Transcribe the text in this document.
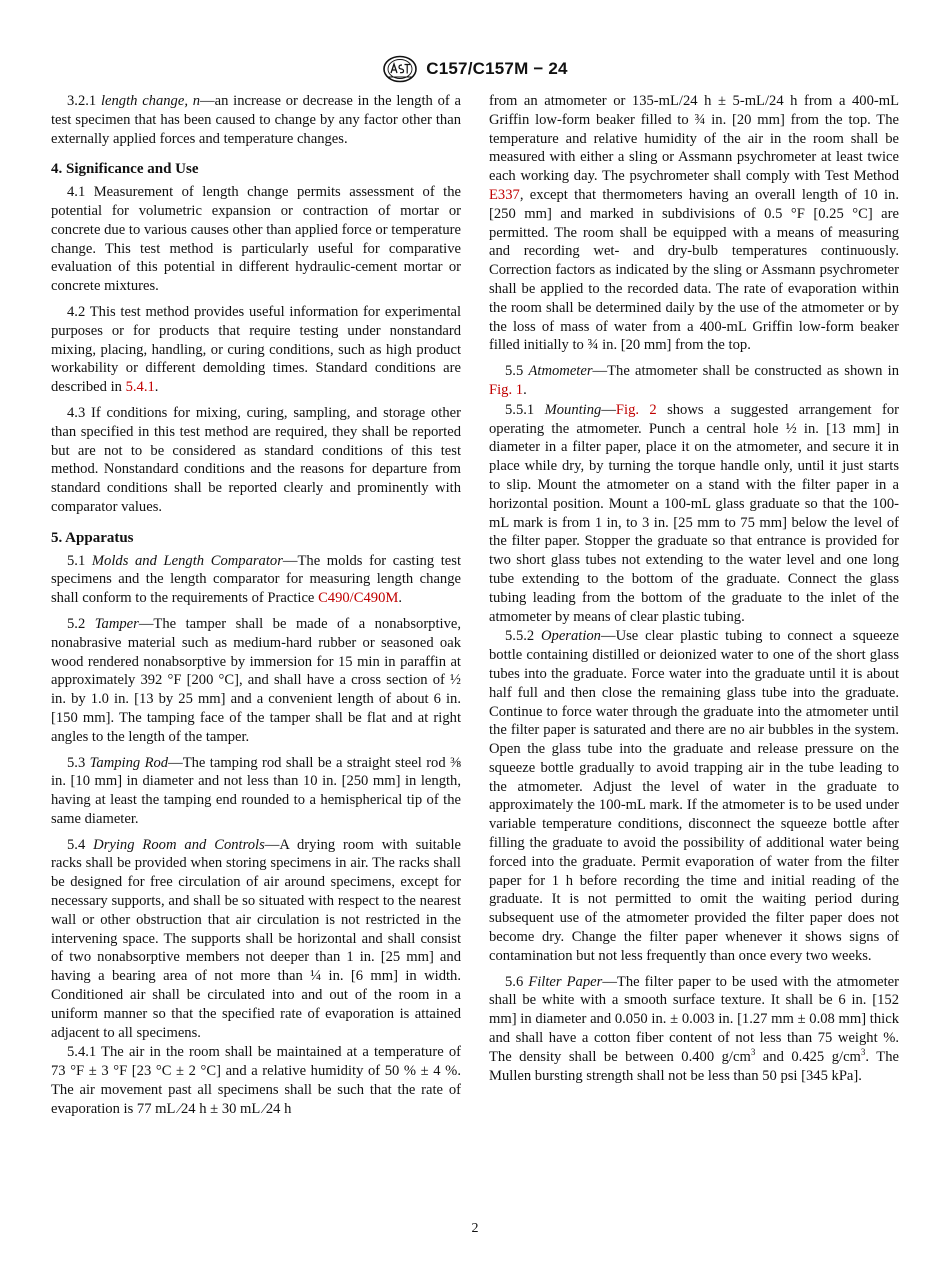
C157/C157M − 24

3.2.1 length change, n—an increase or decrease in the length of a test specimen that has been caused to change by any factor other than externally applied forces and temperature changes.

4. Significance and Use

4.1 Measurement of length change permits assessment of the potential for volumetric expansion or contraction of mortar or concrete due to various causes other than applied force or temperature change. This test method is particularly useful for comparative evaluation of this potential in different hydraulic-cement mortar or concrete mixtures.

4.2 This test method provides useful information for experimental purposes or for products that require testing under nonstandard mixing, placing, handling, or curing conditions, such as high product workability or different demolding times. Standard conditions are described in 5.4.1.

4.3 If conditions for mixing, curing, sampling, and storage other than specified in this test method are required, they shall be reported but are not to be considered as standard conditions of this test method. Nonstandard conditions and the reasons for departure from standard conditions shall be reported clearly and prominently with comparator values.

5. Apparatus

5.1 Molds and Length Comparator—The molds for casting test specimens and the length comparator for measuring length change shall conform to the requirements of Practice C490/C490M.

5.2 Tamper—The tamper shall be made of a nonabsorptive, nonabrasive material such as medium-hard rubber or seasoned oak wood rendered nonabsorptive by immersion for 15 min in paraffin at approximately 392 °F [200 °C], and shall have a cross section of ½ in. by 1.0 in. [13 by 25 mm] and a convenient length of about 6 in. [150 mm]. The tamping face of the tamper shall be flat and at right angles to the length of the tamper.

5.3 Tamping Rod—The tamping rod shall be a straight steel rod ⅜ in. [10 mm] in diameter and not less than 10 in. [250 mm] in length, having at least the tamping end rounded to a hemispherical tip of the same diameter.

5.4 Drying Room and Controls—A drying room with suitable racks shall be provided when storing specimens in air. The racks shall be designed for free circulation of air around specimens, except for necessary supports, and shall be so situated with respect to the nearest wall or other obstruction that air circulation is not restricted in the intervening space. The supports shall be horizontal and shall consist of two nonabsorptive members not deeper than 1 in. [25 mm] and having a bearing area of not more than ¼ in. [6 mm] in width. Conditioned air shall be circulated into and out of the room in a uniform manner so that the specified rate of evaporation is attained adjacent to all specimens.

5.4.1 The air in the room shall be maintained at a temperature of 73 °F ± 3 °F [23 °C ± 2 °C] and a relative humidity of 50 % ± 4 %. The air movement past all specimens shall be such that the rate of evaporation is 77 mL ⁄24 h ± 30 mL ⁄24 h

from an atmometer or 135-mL/24 h ± 5-mL/24 h from a 400-mL Griffin low-form beaker filled to ¾ in. [20 mm] from the top. The temperature and relative humidity of the air in the room shall be measured with either a sling or Assmann psychrometer at least twice each working day. The psychrometer shall comply with Test Method E337, except that thermometers having an overall length of 10 in. [250 mm] and marked in subdivisions of 0.5 °F [0.25 °C] are permitted. The room shall be equipped with a means of measuring and recording wet- and dry-bulb temperatures continuously. Correction factors as indicated by the sling or Assmann psychrometer shall be applied to the recorded data. The rate of evaporation within the room shall be determined daily by the use of the atmometer or by the loss of mass of water from a 400-mL Griffin low-form beaker filled initially to ¾ in. [20 mm] from the top.

5.5 Atmometer—The atmometer shall be constructed as shown in Fig. 1.

5.5.1 Mounting—Fig. 2 shows a suggested arrangement for operating the atmometer. Punch a central hole ½ in. [13 mm] in diameter in a filter paper, place it on the atmometer, and secure it in place while dry, by turning the torque handle only, until it just starts to slip. Mount the atmometer on a stand with the filter paper in a horizontal position. Mount a 100-mL glass graduate so that the 100-mL mark is from 1 in, to 3 in. [25 mm to 75 mm] below the level of the filter paper. Stopper the graduate so that entrance is provided for two short glass tubes not extending to the water level and one long tube extending to the bottom of the graduate. Connect the glass tubing leading from the bottom of the graduate to the inlet of the atmometer by means of clear plastic tubing.

5.5.2 Operation—Use clear plastic tubing to connect a squeeze bottle containing distilled or deionized water to one of the short glass tubes into the graduate. Force water into the graduate until it is about half full and then close the remaining glass tube into the graduate. Continue to force water through the graduate into the atmometer until the filter paper is saturated and there are no air bubbles in the system. Open the glass tube into the graduate and release pressure on the squeeze bottle gradually to avoid trapping air in the tube leading to the atmometer. Adjust the level of water in the graduate to approximately the 100-mL mark. If the atmometer is to be used under variable temperature conditions, disconnect the squeeze bottle after filling the graduate to avoid the possibility of additional water being forced into the graduate. Permit evaporation of water from the filter paper for 1 h before recording the time and initial reading of the graduate. It is not permitted to omit the waiting period during subsequent use of the atmometer provided the filter paper does not become dry. Change the filter paper whenever it shows signs of contamination but not less frequently than once every two weeks.

5.6 Filter Paper—The filter paper to be used with the atmometer shall be white with a smooth surface texture. It shall be 6 in. [152 mm] in diameter and 0.050 in. ± 0.003 in. [1.27 mm ± 0.08 mm] thick and shall have a cotton fiber content of not less than 75 weight %. The density shall be between 0.400 $g/cm^3$ and 0.425 $g/cm^3$. The Mullen bursting strength shall not be less than 50 psi [345 kPa].

2
